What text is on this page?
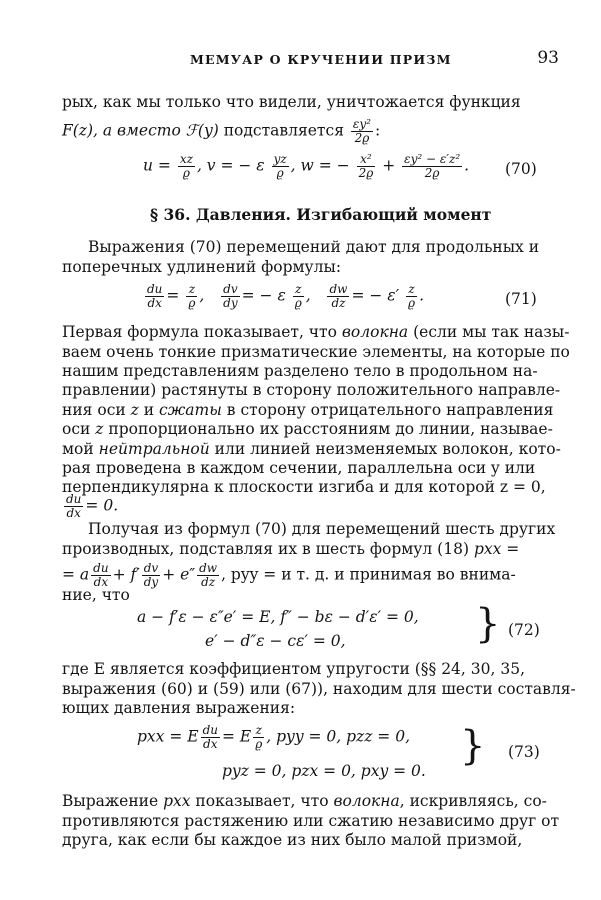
МЕМУАР О КРУЧЕНИИ ПРИЗМ	93
рых, как мы только что видели, уничтожается функция
F(z), а вместо ℱ(y) подставляется $\frac{\text{εy²}}{2ϱ}$ :
$u = \frac{xz}{ϱ}$ , v = − ε $\frac{yz}{ϱ}$ , w = − $\frac{\text{x²}}{2ϱ} + \frac{\text{εy² − ε′z²}}{2ϱ}$ . (70)
§ 36. Давления. Изгибающий момент
Выражения (70) перемещений дают для продольных и
поперечных удлинений формулы:
$\frac{du}{dx} = \frac{z}{ϱ}$ , $\frac{dv}{dy}$ = − ε $\frac{z}{ϱ}$ , $\frac{dw}{dz}$ = − $\varepsilon' \frac{z}{ϱ}$ .	(71)
Первая формула показывает, что волокна (если мы так назы-
ваем очень тонкие призматические элементы, на которые по
нашим представлениям разделено тело в продольном на-
правлении) растянуты в сторону положительного направле-
ния оси z и сжаты в сторону отрицательного направления
оси z пропорционально их расстояниям до линии, называе-
мой нейтральной или линией неизменяемых волокон, кото-
рая проведена в каждом сечении, параллельна оси y или
перпендикулярна к плоскости изгиба и для которой z = 0,
$\frac{du}{dx} = 0$.
Получая из формул (70) для перемещений шесть других
производных, подставляя их в шесть формул (18) pxx =
= a $\frac{du}{dx} + f' \frac{dv}{dy} + e'' \frac{dw}{dz}$ , pyy = и т. д. и принимая во внима-
ние, что
a − f′ε − ε″e′ = E, f″ − bε − d′ε′ = 0,
e′ − d″ε − cε′ = 0,	} (72)
где E является коэффициентом упругости (§§ 24, 30, 35,
выражения (60) и (59) или (67)), находим для шести составля-
ющих давления выражения:
pxx = E $\frac{du}{dx} = E \frac{z}{ϱ}$ , pyy = 0, pzz = 0,
pyz = 0, pzx = 0, pxy = 0.
} (73)
Выражение pxx показывает, что волокна, искривляясь, со-
противляются растяжению или сжатию независимо друг от
друга, как если бы каждое из них было малой призмой,
